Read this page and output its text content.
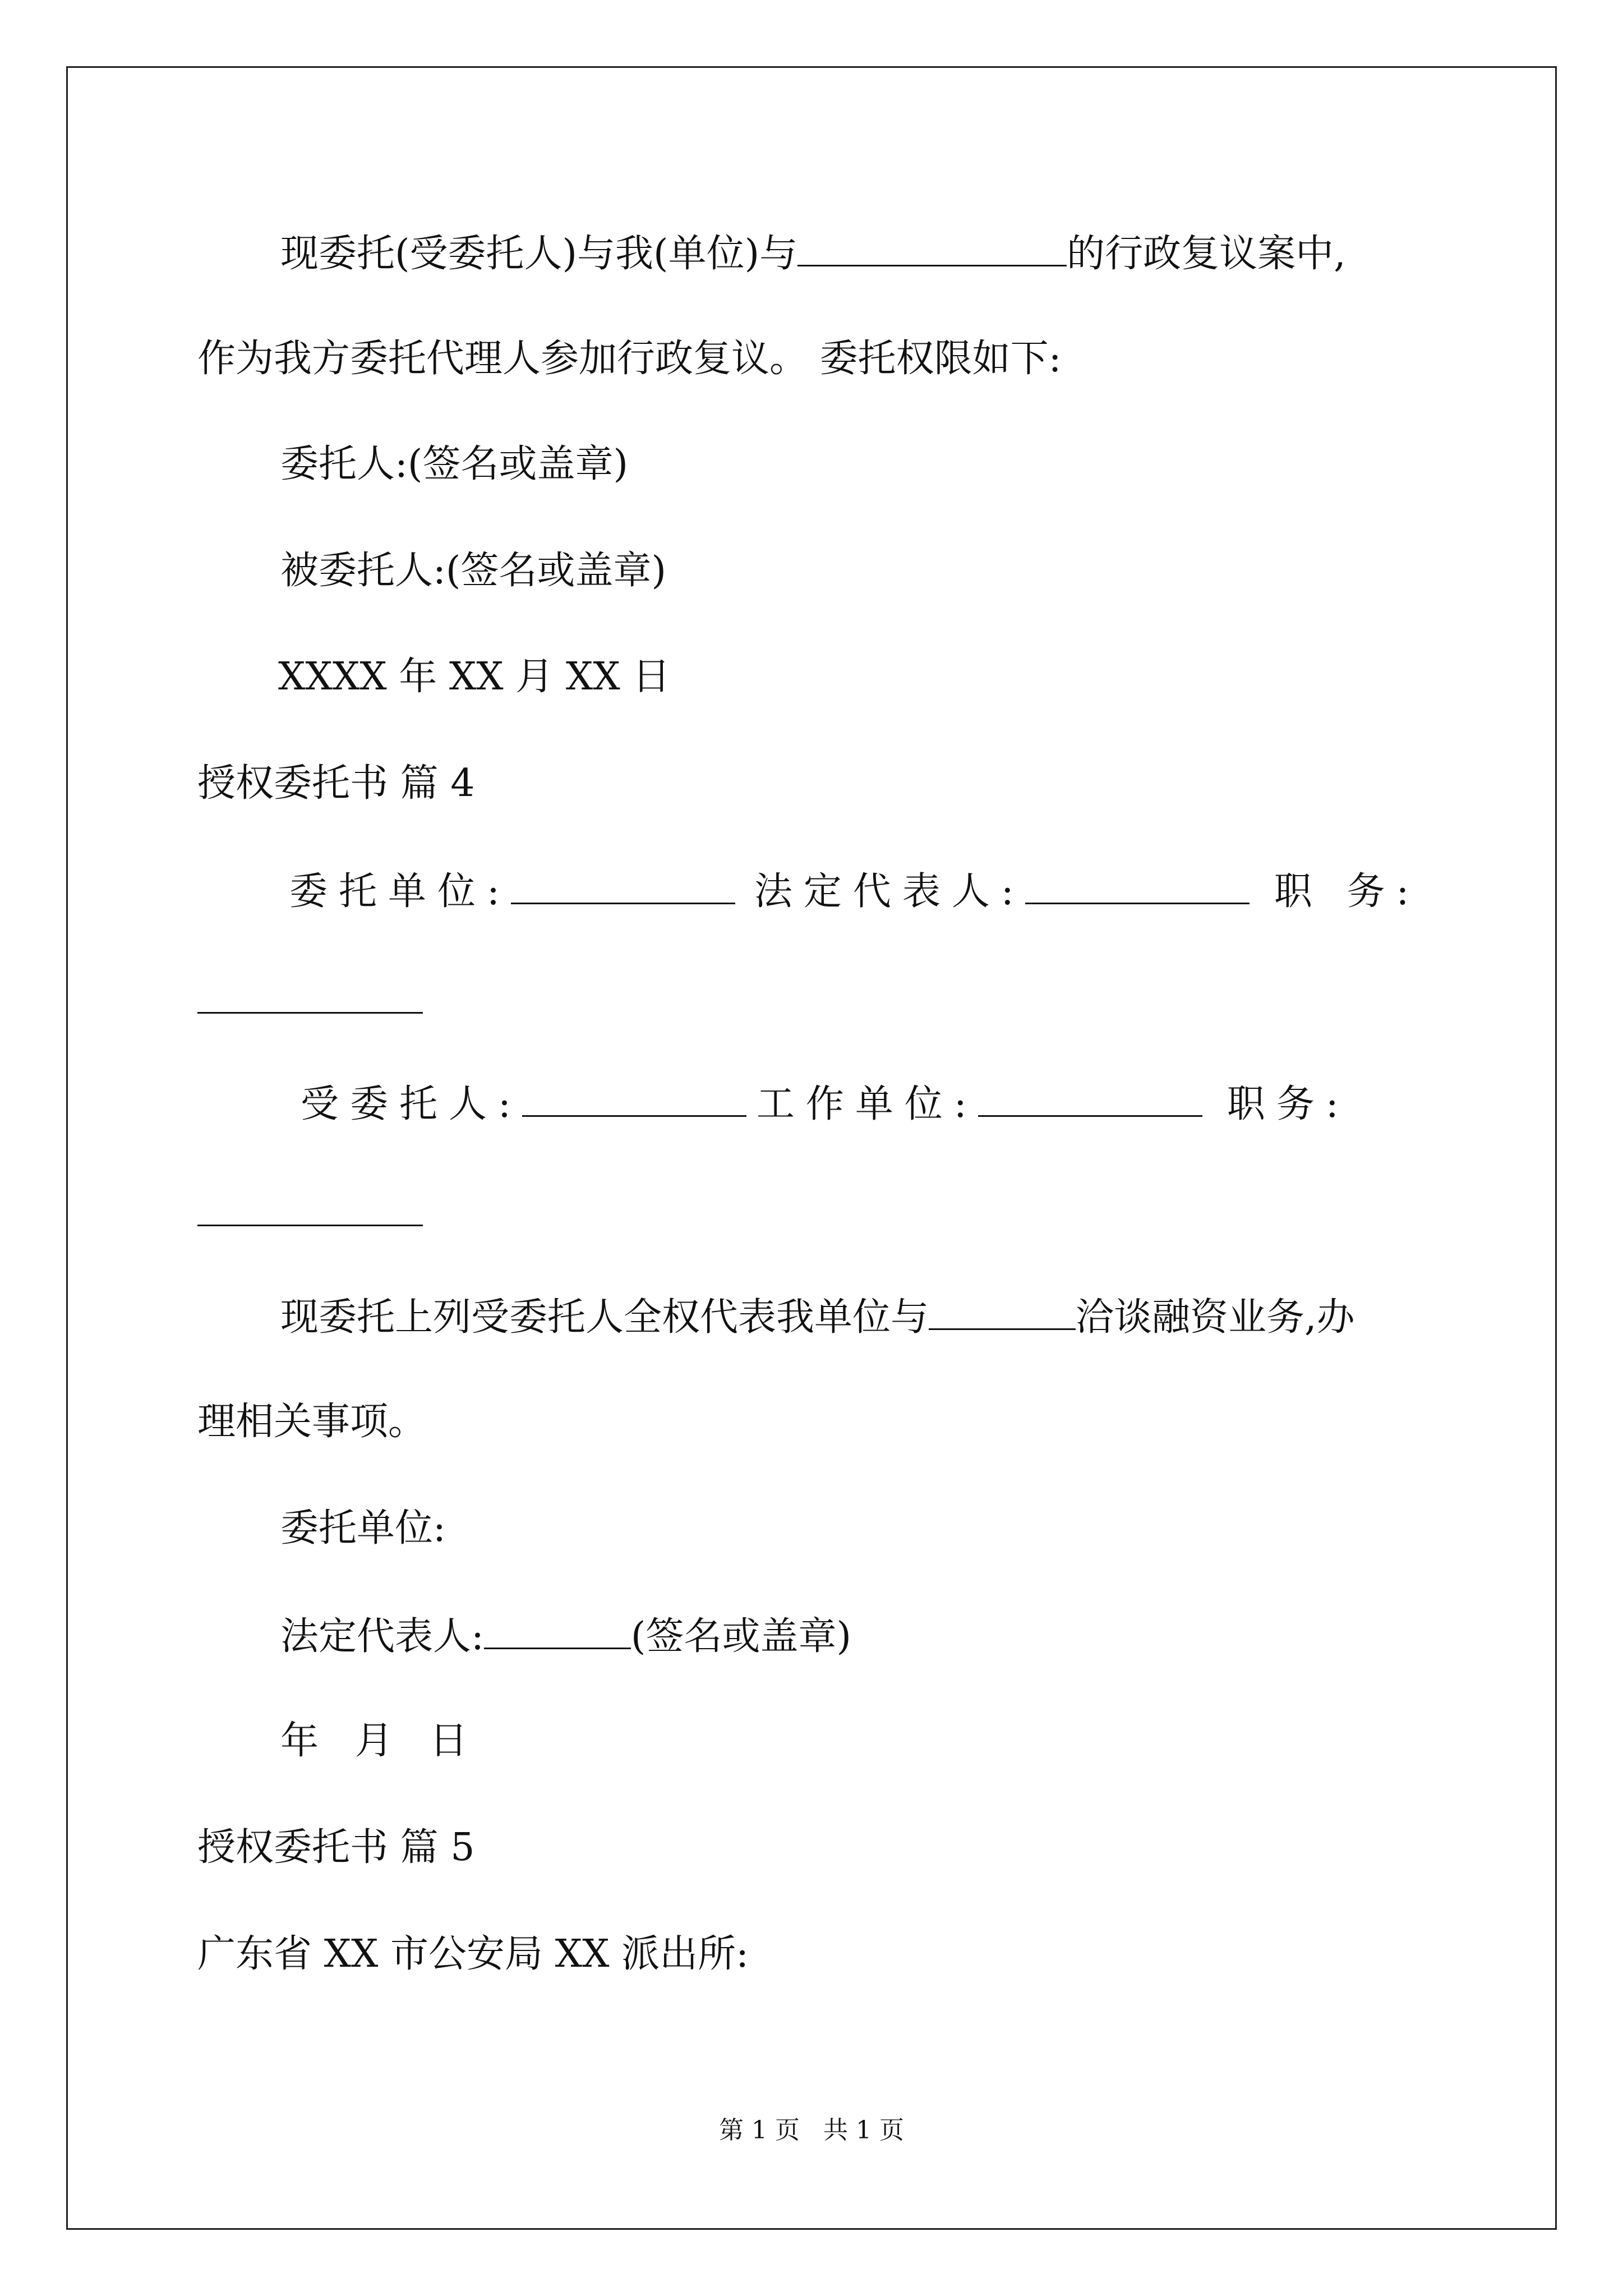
现委托(受委托人)与我(单位)与	的行政复议案中,
作为我方委托代理人参加行政复议。 委托权限如下:
委托人:(签名或盖章)
被委托人:(签名或盖章)
XXXX 年 XX 月 XX 日
授权委托书 篇 4
委托单位:	法定代表人:	职 务:
受委托人:	工作单位:	职务:
现委托上列受委托人全权代表我单位与	洽谈融资业务,办
理相关事项。
委托单位:
法定代表人:	(签名或盖章)
年   月   日
授权委托书 篇 5
广东省 XX 市公安局 XX 派出所:
第 1 页   共 1 页
